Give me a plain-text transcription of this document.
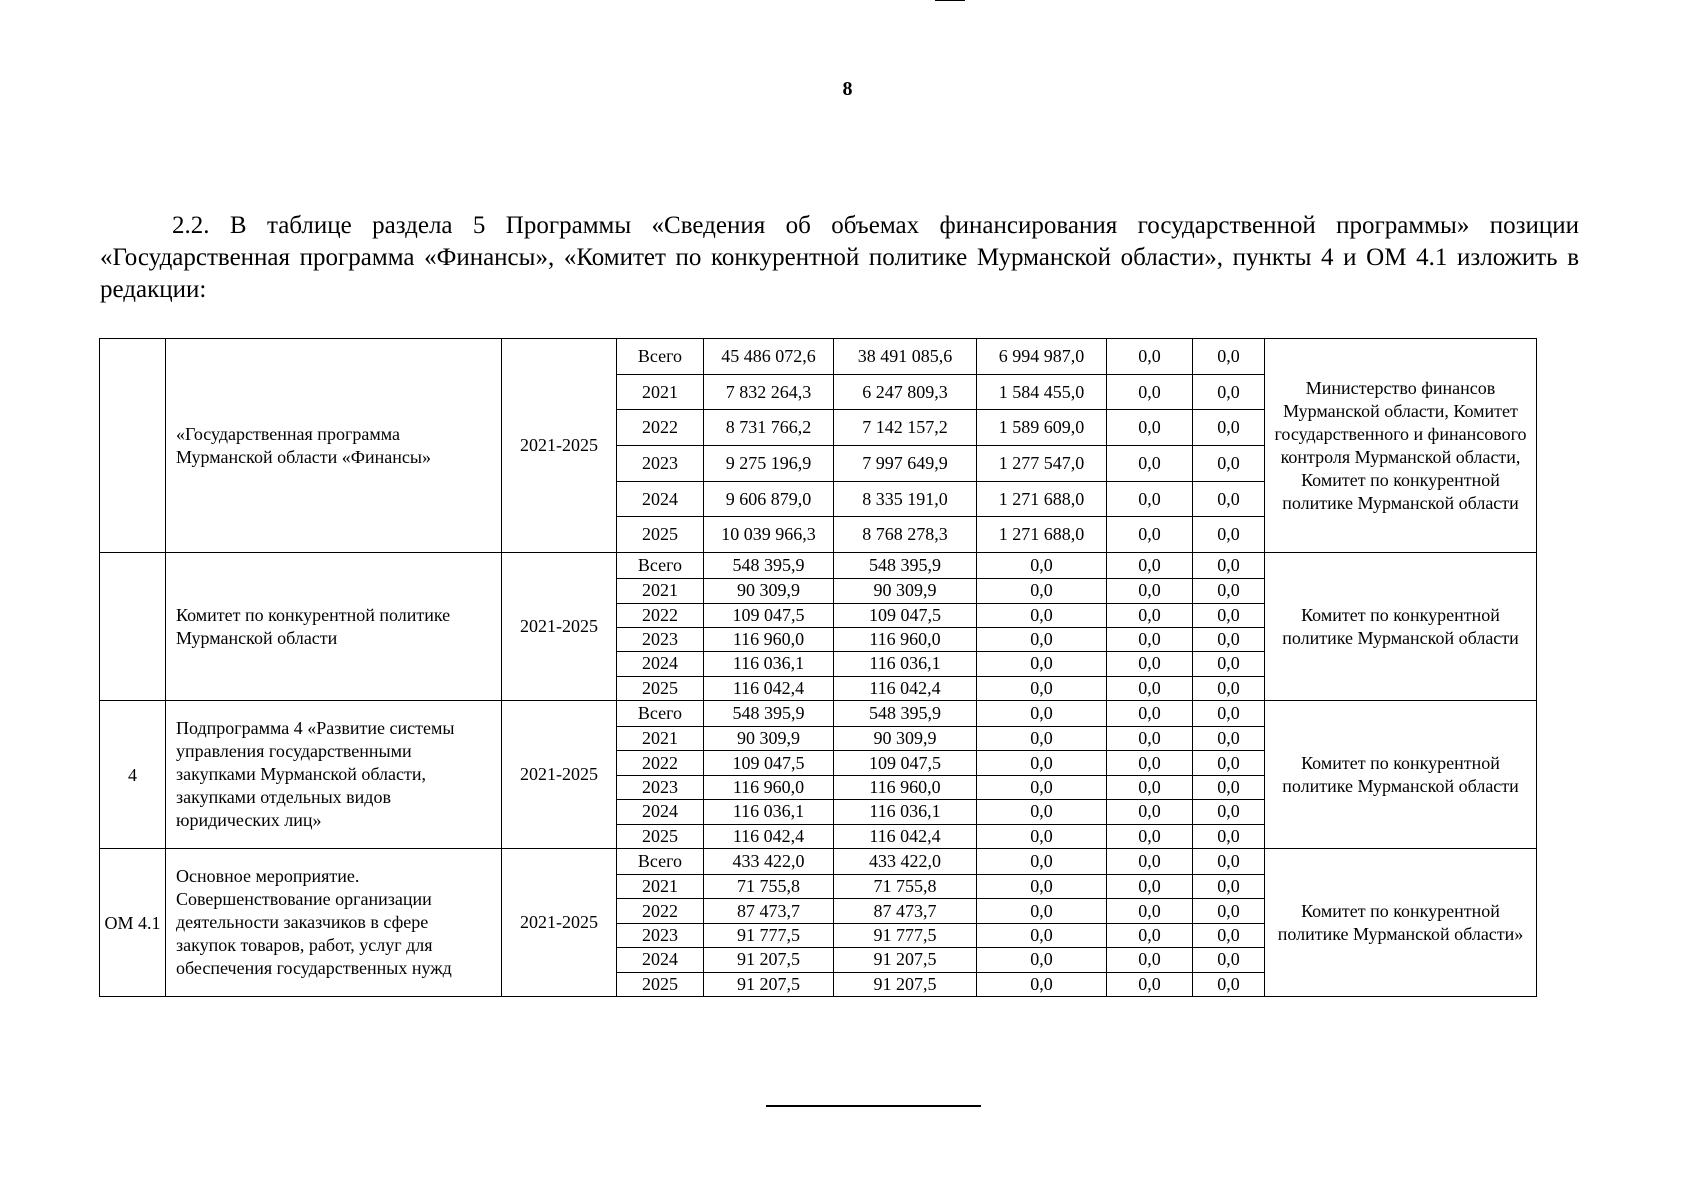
8

2.2. В таблице раздела 5 Программы «Сведения об объемах финансирования государственной программы» позиции «Государственная программа «Финансы», «Комитет по конкурентной политике Мурманской области», пункты 4 и ОМ 4.1 изложить в редакции:

	«Государственная программа Мурманской области «Финансы»	2021-2025	Всего	45 486 072,6	38 491 085,6	6 994 987,0	0,0	0,0	Министерство финансов Мурманской области, Комитет государственного и финансового контроля Мурманской области, Комитет по конкурентной политике Мурманской области
			2021	7 832 264,3	6 247 809,3	1 584 455,0	0,0	0,0	
			2022	8 731 766,2	7 142 157,2	1 589 609,0	0,0	0,0	
			2023	9 275 196,9	7 997 649,9	1 277 547,0	0,0	0,0	
			2024	9 606 879,0	8 335 191,0	1 271 688,0	0,0	0,0	
			2025	10 039 966,3	8 768 278,3	1 271 688,0	0,0	0,0	
	Комитет по конкурентной политике Мурманской области	2021-2025	Всего	548 395,9	548 395,9	0,0	0,0	0,0	Комитет по конкурентной политике Мурманской области
			2021	90 309,9	90 309,9	0,0	0,0	0,0	
			2022	109 047,5	109 047,5	0,0	0,0	0,0	
			2023	116 960,0	116 960,0	0,0	0,0	0,0	
			2024	116 036,1	116 036,1	0,0	0,0	0,0	
			2025	116 042,4	116 042,4	0,0	0,0	0,0	
4	Подпрограмма 4 «Развитие системы управления государственными закупками Мурманской области, закупками отдельных видов юридических лиц»	2021-2025	Всего	548 395,9	548 395,9	0,0	0,0	0,0	Комитет по конкурентной политике Мурманской области
			2021	90 309,9	90 309,9	0,0	0,0	0,0	
			2022	109 047,5	109 047,5	0,0	0,0	0,0	
			2023	116 960,0	116 960,0	0,0	0,0	0,0	
			2024	116 036,1	116 036,1	0,0	0,0	0,0	
			2025	116 042,4	116 042,4	0,0	0,0	0,0	
ОМ 4.1	Основное мероприятие. Совершенствование организации деятельности заказчиков в сфере закупок товаров, работ, услуг для обеспечения государственных нужд	2021-2025	Всего	433 422,0	433 422,0	0,0	0,0	0,0	Комитет по конкурентной политике Мурманской области»
			2021	71 755,8	71 755,8	0,0	0,0	0,0	
			2022	87 473,7	87 473,7	0,0	0,0	0,0	
			2023	91 777,5	91 777,5	0,0	0,0	0,0	
			2024	91 207,5	91 207,5	0,0	0,0	0,0	
			2025	91 207,5	91 207,5	0,0	0,0	0,0	
